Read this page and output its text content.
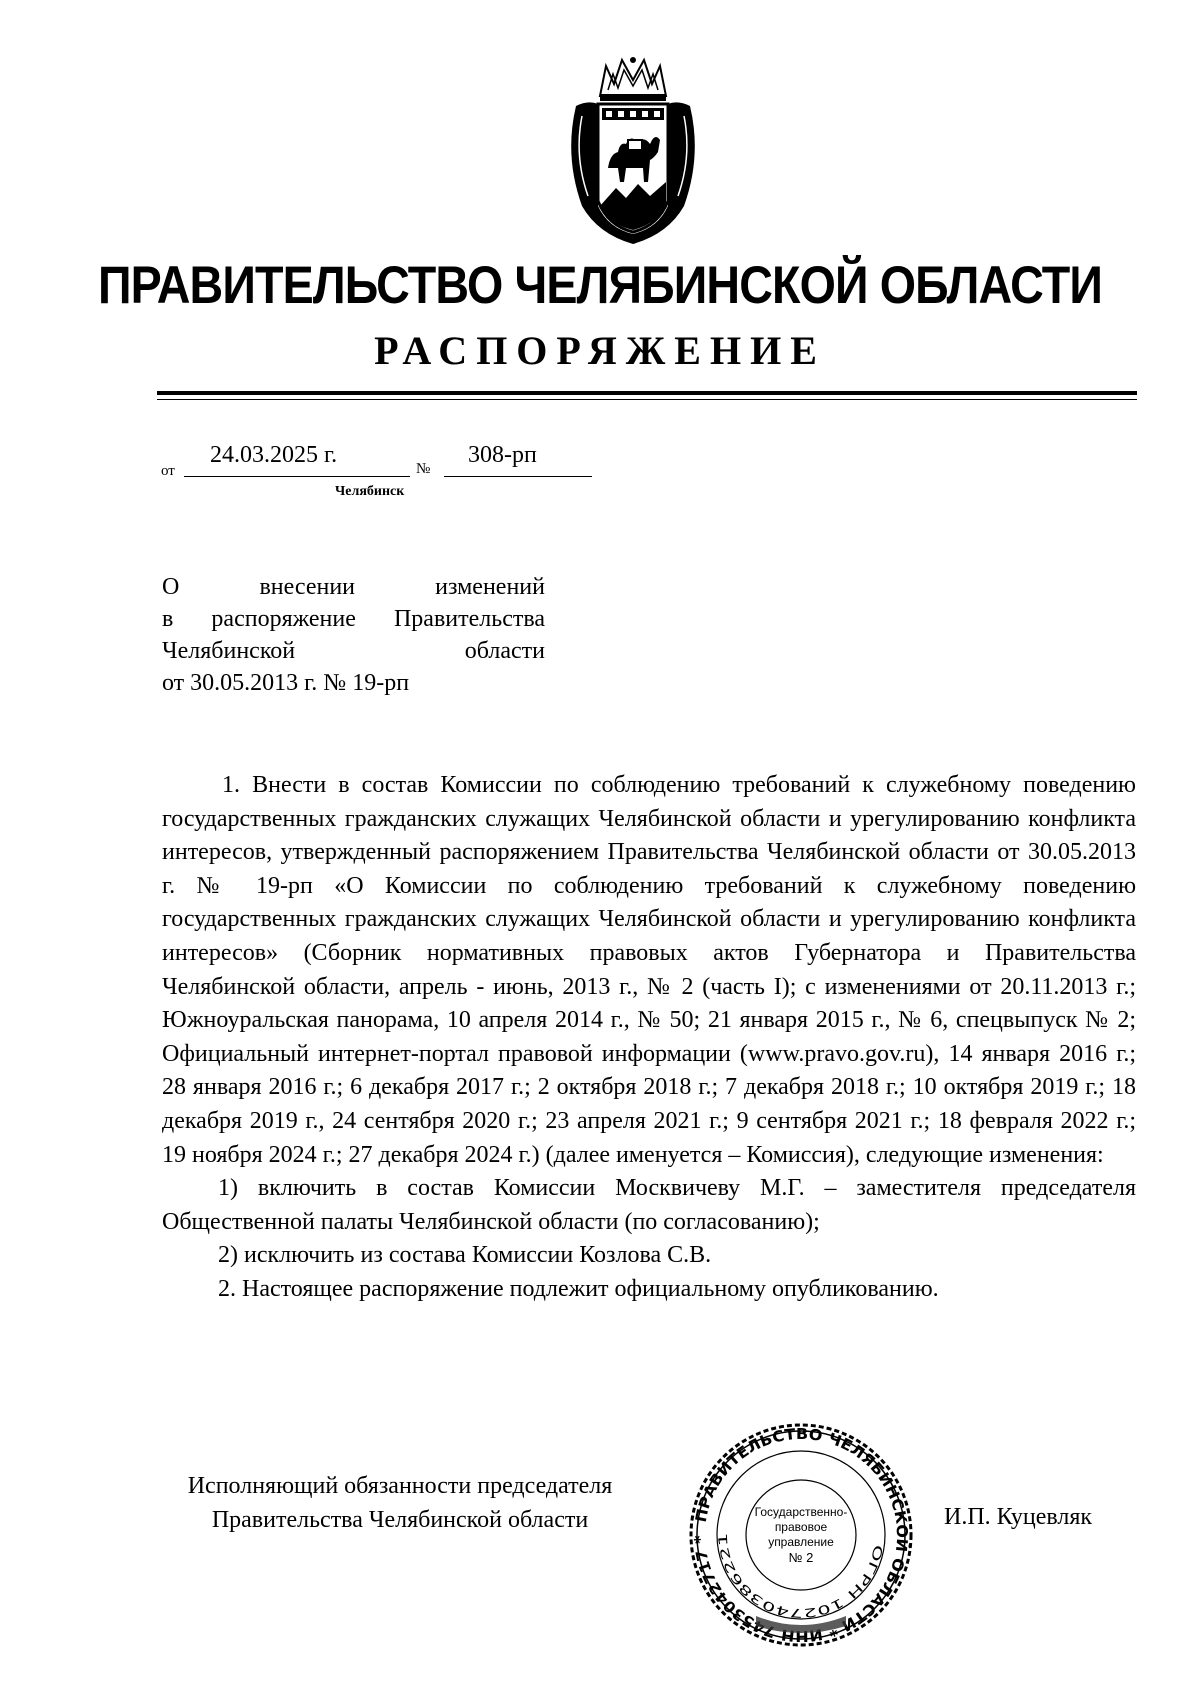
ПРАВИТЕЛЬСТВО ЧЕЛЯБИНСКОЙ ОБЛАСТИ
РАСПОРЯЖЕНИЕ
от
24.03.2025 г.
№
308-рп
Челябинск
О внесении изменений
в распоряжение Правительства
Челябинской области
от 30.05.2013 г. № 19-рп

1. Внести в состав Комиссии по соблюдению требований к служебному поведению государственных гражданских служащих Челябинской области и урегулированию конфликта интересов, утвержденный распоряжением Правительства Челябинской области от 30.05.2013 г. № 19-рп «О Комиссии по соблюдению требований к служебному поведению государственных гражданских служащих Челябинской области и урегулированию конфликта интересов» (Сборник нормативных правовых актов Губернатора и Правительства Челябинской области, апрель - июнь, 2013 г., № 2 (часть I); с изменениями от 20.11.2013 г.; Южноуральская панорама, 10 апреля 2014 г., № 50; 21 января 2015 г., № 6, спецвыпуск № 2; Официальный интернет-портал правовой информации (www.pravo.gov.ru), 14 января 2016 г.; 28 января 2016 г.; 6 декабря 2017 г.; 2 октября 2018 г.; 7 декабря 2018 г.; 10 октября 2019 г.; 18 декабря 2019 г., 24 сентября 2020 г.; 23 апреля 2021 г.; 9 сентября 2021 г.; 18 февраля 2022 г.; 19 ноября 2024 г.; 27 декабря 2024 г.) (далее именуется – Комиссия), следующие изменения:

1) включить в состав Комиссии Москвичеву М.Г. – заместителя председателя Общественной палаты Челябинской области (по согласованию);

2) исключить из состава Комиссии Козлова С.В.

2. Настоящее распоряжение подлежит официальному опубликованию.

Исполняющий обязанности председателя
Правительства Челябинской области	И.П. Куцевляк
ПРАВИТЕЛЬСТВО ЧЕЛЯБИНСКОЙ ОБЛАСТИ * ИНН 7 53042717 *
ОГРН 102740386221
Государственно-
правовое
управление
№ 2
